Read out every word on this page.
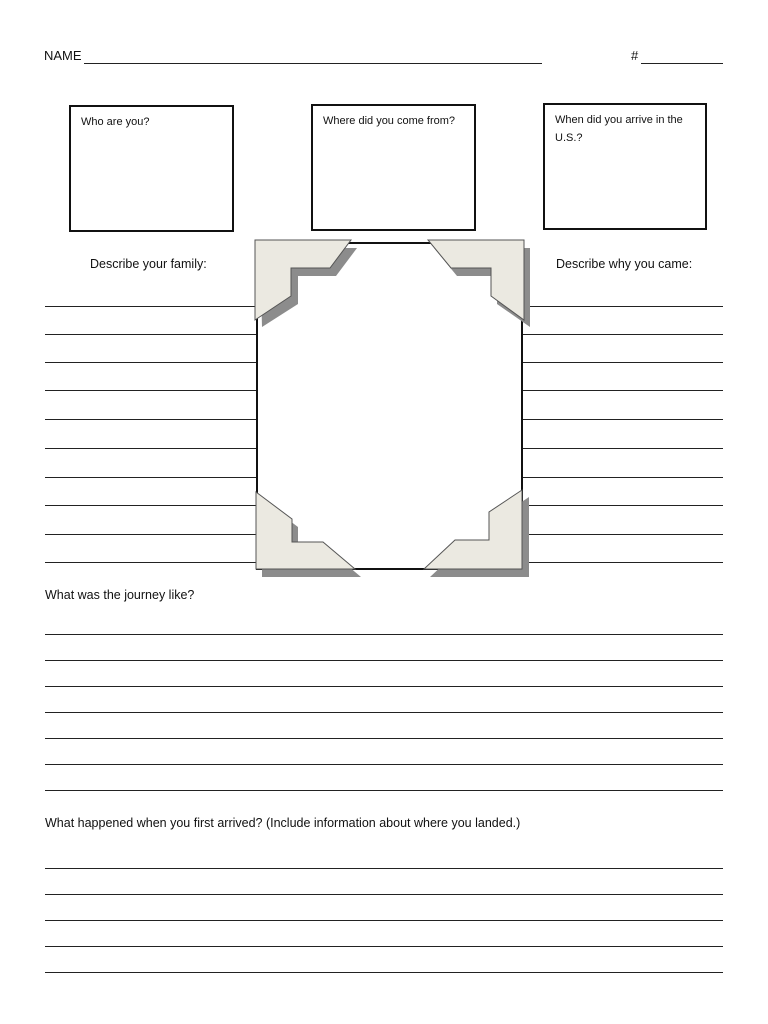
NAME	#
Who are you?	Where did you come from?	When did you arrive in the U.S.?
Describe your family:	Describe why you came:
What was the journey like?
What happened when you first arrived? (Include information about where you landed.)
